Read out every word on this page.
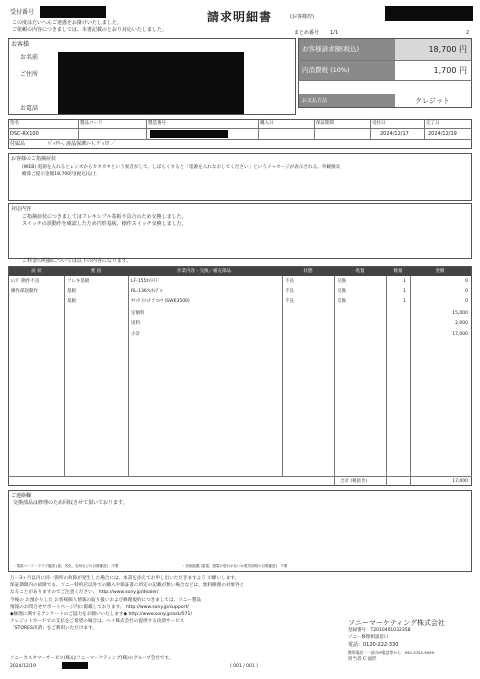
受付番号	請求明細書	(お客様控)
この度はたいへんご迷惑をお掛けいたしました。
ご依頼の内容につきましては、本書記載のとおり対応いたしました。	まとめ番号 1/1	2
お客様
お名前
ご住所
お電話
お客様請求額(税込)	18,700 円
内消費税 (10%)	1,700 円
お支払方法	クレジット
型名	製品コード	製造番号	購入日	保証期間	受付日	完了日
DSC-RX100	2024/12/17	2024/12/19
付属品	ﾊﾞｯﾃﾘｰ, 液晶保護ｼｰﾄ, ﾃﾞｨｽｸ ／
お客様のご指摘症状
(WEB) 電源を入れるとレンズからカタカタという異音がして、しばらくすると「電源を入れなおしてください」というメッセージが表示される。外観損及
概算ご提示金額18,700円(税込)以上
対応内容
ご指摘症状につきましてはフレキシブル基板不具合のため交換しました。
スイッチの誤動作を確認したため円形基板、操作スイッチ交換しました。
ご料金の明細については以下の内容になります。
症 状	要 因	作業内容・交換／補充部品	状態	処置	数量	金額
ﾚﾝｽﾞ 動作不良	フレキ基板	LF-155ｶﾒﾗｲﾄﾞ	不良	交換	1	0
操作部誤動作	基板	RL-136ﾌﾚｷｼﾌﾞﾙ	不良	交換	1	0
基板	ｸﾘｯｸ ｽｲｯﾁ ﾌﾞﾛｯｸ (SW63500)	不良	交換	1	0
定額料	15,000
送料	2,000
小計	17,000
合計 (税抜き)	17,000
ご連絡欄
交換部品は修理のため回収させて頂いております。
・電源コード・プラグ確認 (素、劣化、変形などの目視確認)　不要	・詳細話題 (素電、感電の恐れがないか電気回路の目視確認)　不要
万一3ヶ月以内に同一箇所の故障が発生した場合には、本書を添えてお申し出いただきますよう お願いします。
保証期間内の故障でも、ソニー特約店以外での購入や保証書に所定の記載が無い場合などは、無料修理の対象外と
なることがありますのでご注意ください。 http://www.sony.jp/dealer/
今後の お預かりした お客様個人情報の取り扱いおよび修理規約につきましては、ソニー製品
情報のお問合せサポートページ内に掲載しております。 http://www.sony.jp/support/
◆修理に関するアンケートのご協力をお願いいたします◆ http://www.sony.jp/ask/071/
クレジットカードでの支払をご希望の場合は、ヘイ株式会社の提供する決済サービス
「STORES決済」をご利用いただけます。
ソニーマーケティング株式会社
登録番号：T2010401032358
ソニー修理相談窓口
電話：0120-222-330
携帯電話・一部のIP電話等から：050-3754-9599
担当者 C 面形
ソニーカスタマーサービス(株)はソニーマーケティング(株)のグループ会社です。
2024/12/19	( 001 / 001 )
